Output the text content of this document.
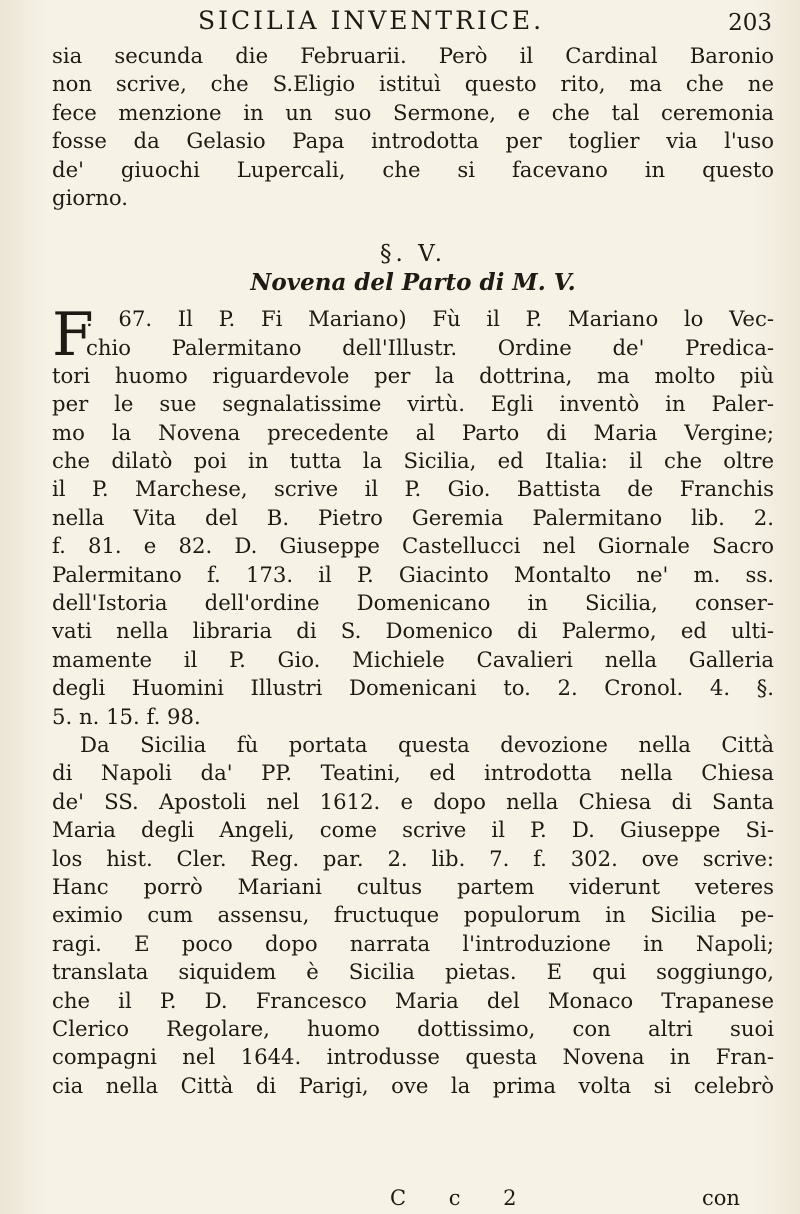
SICILIA INVENTRICE.	203
sia secunda die Februarii. Però il Cardinal Baronio
non scrive, che S.Eligio istituì questo rito, ma che ne
fece menzione in un suo Sermone, e che tal ceremonia
fosse da Gelasio Papa introdotta per toglier via l'uso
de' giuochi Lupercali, che si facevano in questo
giorno.
§. V.
Novena del Parto di M. V.
F
. 67. Il P. Fi Mariano) Fù il P. Mariano lo Vec-
chio Palermitano dell'Illustr. Ordine de' Predica-
tori huomo riguardevole per la dottrina, ma molto più
per le sue segnalatissime virtù. Egli inventò in Paler-
mo la Novena precedente al Parto di Maria Vergine;
che dilatò poi in tutta la Sicilia, ed Italia: il che oltre
il P. Marchese, scrive il P. Gio. Battista de Franchis
nella Vita del B. Pietro Geremia Palermitano lib. 2.
f. 81. e 82. D. Giuseppe Castellucci nel Giornale Sacro
Palermitano f. 173. il P. Giacinto Montalto ne' m. ss.
dell'Istoria dell'ordine Domenicano in Sicilia, conser-
vati nella libraria di S. Domenico di Palermo, ed ulti-
mamente il P. Gio. Michiele Cavalieri nella Galleria
degli Huomini Illustri Domenicani to. 2. Cronol. 4. §.
5. n. 15. f. 98.
Da Sicilia fù portata questa devozione nella Città
di Napoli da' PP. Teatini, ed introdotta nella Chiesa
de' SS. Apostoli nel 1612. e dopo nella Chiesa di Santa
Maria degli Angeli, come scrive il P. D. Giuseppe Si-
los hist. Cler. Reg. par. 2. lib. 7. f. 302. ove scrive:
Hanc porrò Mariani cultus partem viderunt veteres
eximio cum assensu, fructuque populorum in Sicilia pe-
ragi. E poco dopo narrata l'introduzione in Napoli;
translata siquidem è Sicilia pietas. E qui soggiungo,
che il P. D. Francesco Maria del Monaco Trapanese
Clerico Regolare, huomo dottissimo, con altri suoi
compagni nel 1644. introdusse questa Novena in Fran-
cia nella Città di Parigi, ove la prima volta si celebrò
C c 2	con
